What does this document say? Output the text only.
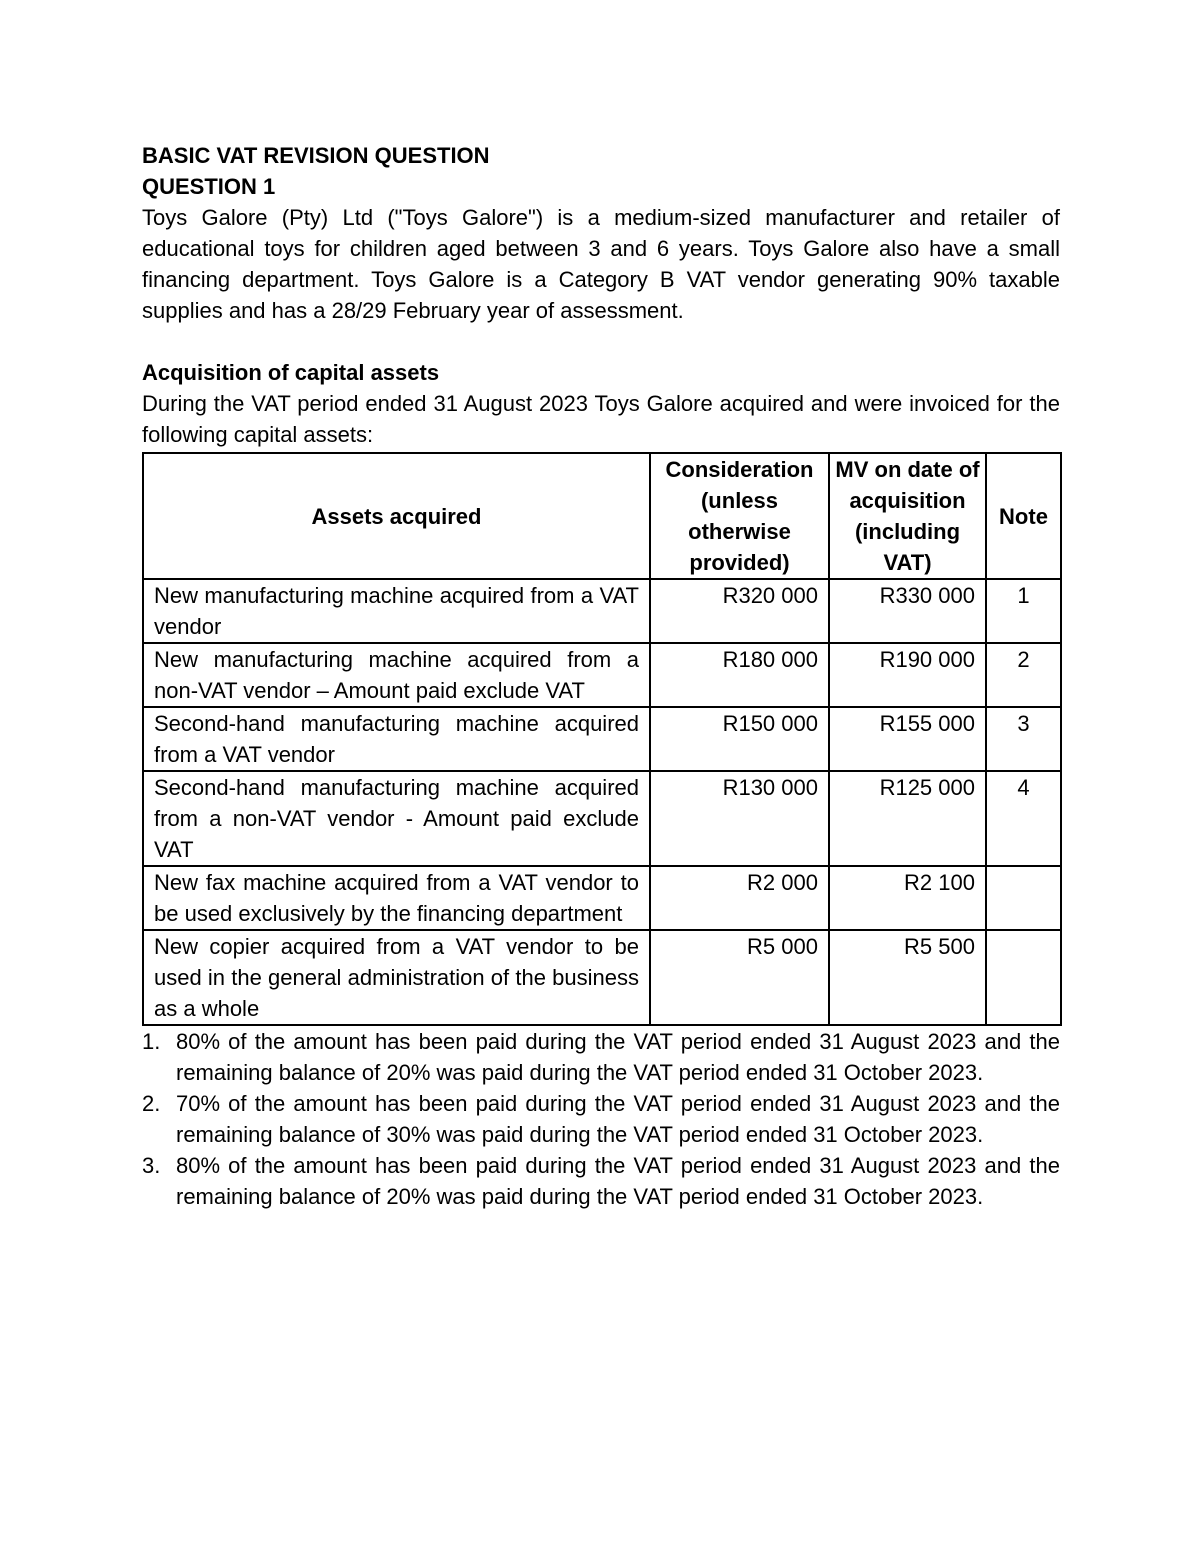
BASIC VAT REVISION QUESTION

QUESTION 1

Toys Galore (Pty) Ltd ("Toys Galore") is a medium-sized manufacturer and retailer of educational toys for children aged between 3 and 6 years. Toys Galore also have a small financing department. Toys Galore is a Category B VAT vendor generating 90% taxable supplies and has a 28/29 February year of assessment.

Acquisition of capital assets

During the VAT period ended 31 August 2023 Toys Galore acquired and were invoiced for the following capital assets:

Assets acquired	Consideration (unless otherwise provided)	MV on date of acquisition (including VAT)	Note
New manufacturing machine acquired from a VAT vendor	R320 000	R330 000	1
New manufacturing machine acquired from a non-VAT vendor – Amount paid exclude VAT	R180 000	R190 000	2
Second-hand manufacturing machine acquired from a VAT vendor	R150 000	R155 000	3
Second-hand manufacturing machine acquired from a non-VAT vendor - Amount paid exclude VAT	R130 000	R125 000	4
New fax machine acquired from a VAT vendor to be used exclusively by the financing department	R2 000	R2 100	
New copier acquired from a VAT vendor to be used in the general administration of the business as a whole	R5 000	R5 500	
1. 80% of the amount has been paid during the VAT period ended 31 August 2023 and the remaining balance of 20% was paid during the VAT period ended 31 October 2023.
2. 70% of the amount has been paid during the VAT period ended 31 August 2023 and the remaining balance of 30% was paid during the VAT period ended 31 October 2023.
3. 80% of the amount has been paid during the VAT period ended 31 August 2023 and the remaining balance of 20% was paid during the VAT period ended 31 October 2023.
